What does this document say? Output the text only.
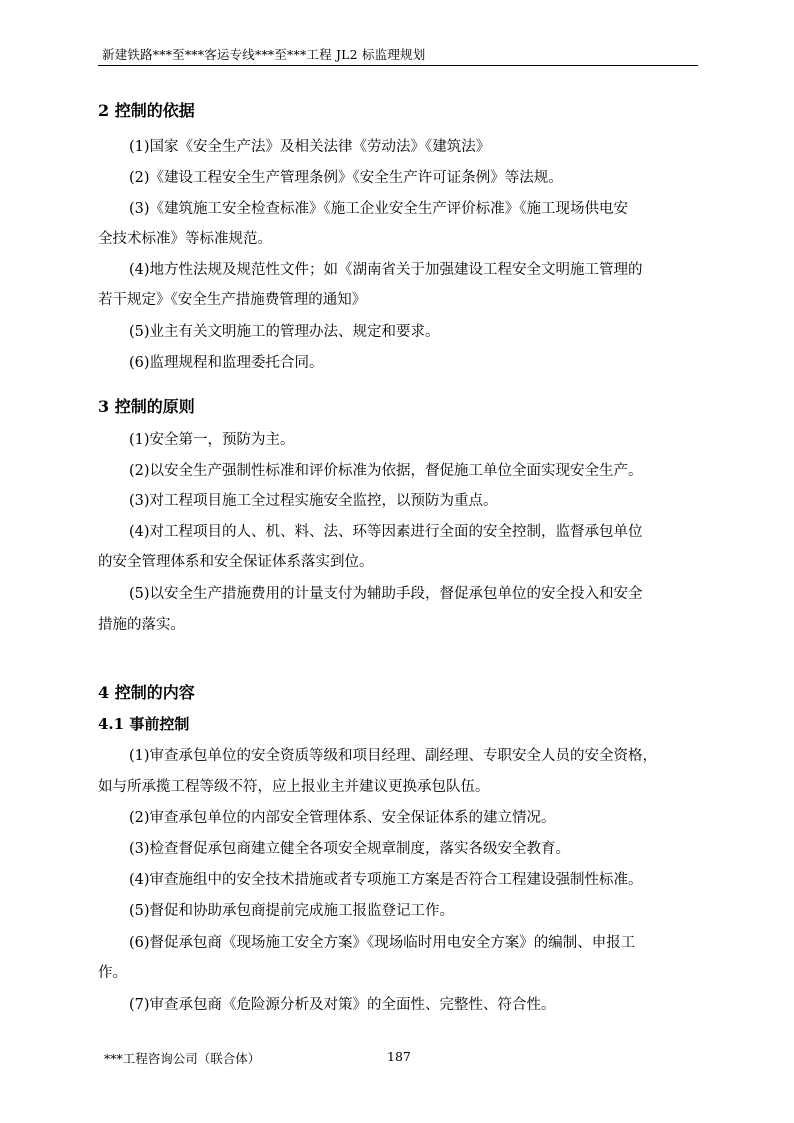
新建铁路***至***客运专线***至***工程 JL2 标监理规划
2 控制的依据
(1)国家《安全生产法》及相关法律《劳动法》《建筑法》
(2)《建设工程安全生产管理条例》《安全生产许可证条例》等法规。
(3)《建筑施工安全检查标准》《施工企业安全生产评价标准》《施工现场供电安
全技术标准》等标准规范。
(4)地方性法规及规范性文件；如《湖南省关于加强建设工程安全文明施工管理的
若干规定》《安全生产措施费管理的通知》
(5)业主有关文明施工的管理办法、规定和要求。
(6)监理规程和监理委托合同。
3 控制的原则
(1)安全第一，预防为主。
(2)以安全生产强制性标准和评价标准为依据，督促施工单位全面实现安全生产。
(3)对工程项目施工全过程实施安全监控，以预防为重点。
(4)对工程项目的人、机、料、法、环等因素进行全面的安全控制，监督承包单位
的安全管理体系和安全保证体系落实到位。
(5)以安全生产措施费用的计量支付为辅助手段，督促承包单位的安全投入和安全
措施的落实。
4 控制的内容
4.1 事前控制
(1)审查承包单位的安全资质等级和项目经理、副经理、专职安全人员的安全资格，
如与所承揽工程等级不符，应上报业主并建议更换承包队伍。
(2)审查承包单位的内部安全管理体系、安全保证体系的建立情况。
(3)检查督促承包商建立健全各项安全规章制度，落实各级安全教育。
(4)审查施组中的安全技术措施或者专项施工方案是否符合工程建设强制性标准。
(5)督促和协助承包商提前完成施工报监登记工作。
(6)督促承包商《现场施工安全方案》《现场临时用电安全方案》的编制、申报工
作。
(7)审查承包商《危险源分析及对策》的全面性、完整性、符合性。
***工程咨询公司（联合体）	187
